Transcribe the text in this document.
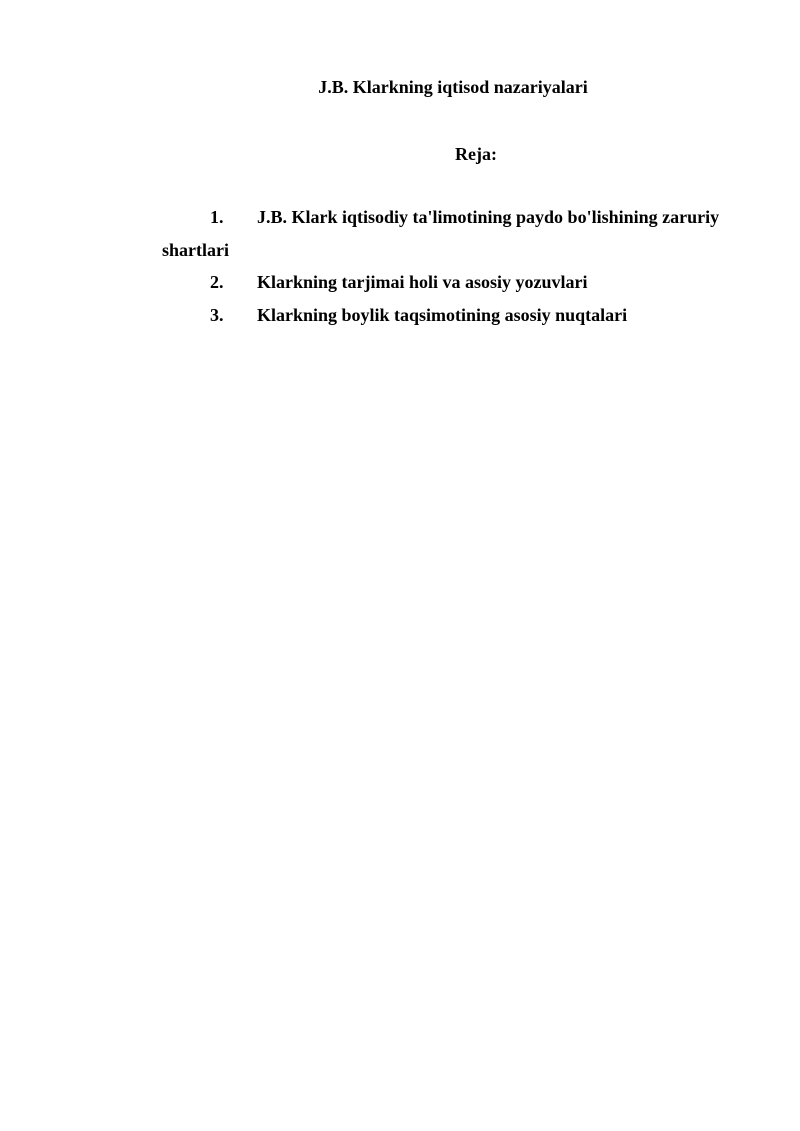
J.B. Klarkning iqtisod nazariyalari
Reja:
1. J.B. Klark iqtisodiy ta'limotining paydo bo'lishining zaruriy
shartlari
2. Klarkning tarjimai holi va asosiy yozuvlari
3. Klarkning boylik taqsimotining asosiy nuqtalari
